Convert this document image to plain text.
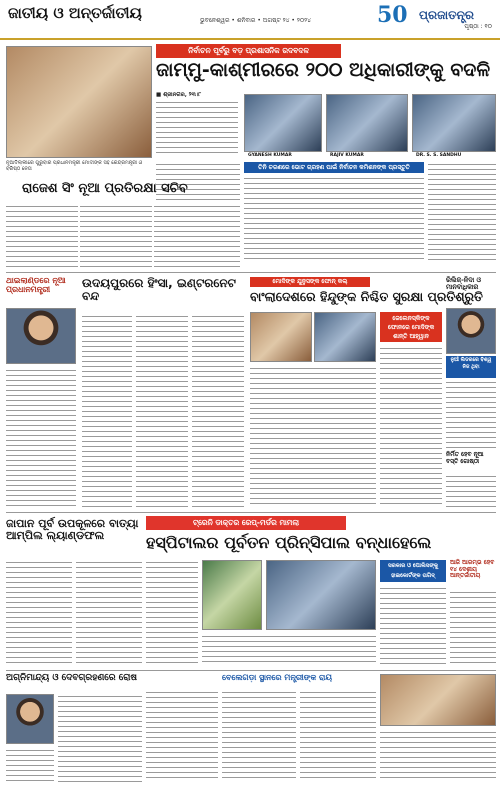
ଜାତୀୟ ଓ ଅନ୍ତର୍ଜାତୀୟ	ଭୁବନେଶ୍ୱର • ଶନିବାର • ଅଗଷ୍ଟ ୨୪ • ୨୦୨୪	50 ପ୍ରଜାତନ୍ତ୍ର
ପୃଷ୍ଠା : ୧୦
ନୂଆଦିଲ୍ଲୀରେ ଗୁରୁବାର ପ୍ରଧାନମନ୍ତ୍ରୀ ମୋଦୀଙ୍କ ସହ କେନ୍ଦ୍ରମନ୍ତ୍ରୀ ଓ ବରିଷ୍ଠ ନେତା
ନିର୍ବାଚନ ପୂର୍ବରୁ ବଡ଼ ପ୍ରଶାସନିକ ରଦବଦଳ
ଜାମ୍ମୁ-କାଶ୍ମୀରରେ ୨୦୦ ଅଧିକାରୀଙ୍କୁ ବଦଳି
■ ଶ୍ରୀନଗର, ୨୩।୮
GYANESH KUMAR	RAJIV KUMAR	DR. S. S. SANDHU
ତିନି ଚରଣରେ ଭୋଟ ଗ୍ରହଣ ପାଇଁ ନିର୍ବାଚନ କମିଶନଙ୍କ ପ୍ରସ୍ତୁତି
ରାଜେଶ ସିଂ ନୂଆ ପ୍ରତିରକ୍ଷା ସଚିବ
ଥାଇଲାଣ୍ଡରେ ନୂଆ ପ୍ରଧାନମନ୍ତ୍ରୀ	ଉଦୟପୁରରେ ହିଂସା, ଇଣ୍ଟରନେଟ ବନ୍ଦ
ମୋଦିଙ୍କ ଯୁନୁସଙ୍କ ଫୋନ୍ କଲ୍
ବାଂଲାଦେଶରେ ହିନ୍ଦୁଙ୍କ ନିଶ୍ଚିତ ସୁରକ୍ଷା ପ୍ରତିଶ୍ରୁତି
ଜେଲେନସ୍କିଙ୍କ ଫୋନରେ ମୋଦିଙ୍କ ଶାନ୍ତି ଆହ୍ୱାନ
ରିଲିଜ୍-ନିଦା ଓ ମାନବାଧିକାର
ନୁଆଁ ଲିଡରରେ ବିଶ୍ୱ ନିଜ ଥିବା
ନିର୍ମିତ ହେବ ନୂଆ ବସ୍ତି ଗୋଷ୍ଠୀ
ଜାପାନ ପୂର୍ବ ଉପକୂଳରେ ବାତ୍ୟା ଆମ୍ପିଲ ଲ୍ୟାଣ୍ଡଫଲ
ଟ୍ରେନି ଡାକ୍ତର ରେପ୍-ମର୍ଡର ମାମଲା
ହସ୍ପିଟାଲର ପୂର୍ବତନ ପ୍ରିନ୍ସିପାଲ ବନ୍ଧାହେଲେ
ସରକାର ଓ ପୋଲିସଙ୍କୁ ହାଇକୋର୍ଟଙ୍କ ତାଗିଦ୍
ଆଜି ଆରମ୍ଭ ହେବ ୧୪ ଦେଶୀୟ ଆନ୍ତର୍ଜାତୀୟ
ଅଗ୍ନିମାନ୍ଦ୍ୟ ଓ ଦେବଗ୍ରହଣରେ ରୋଷ	ବେଲେଗଡ଼ା ସ୍ଥାନରେ ମନ୍ତ୍ରୀଙ୍କ ରାୟ
